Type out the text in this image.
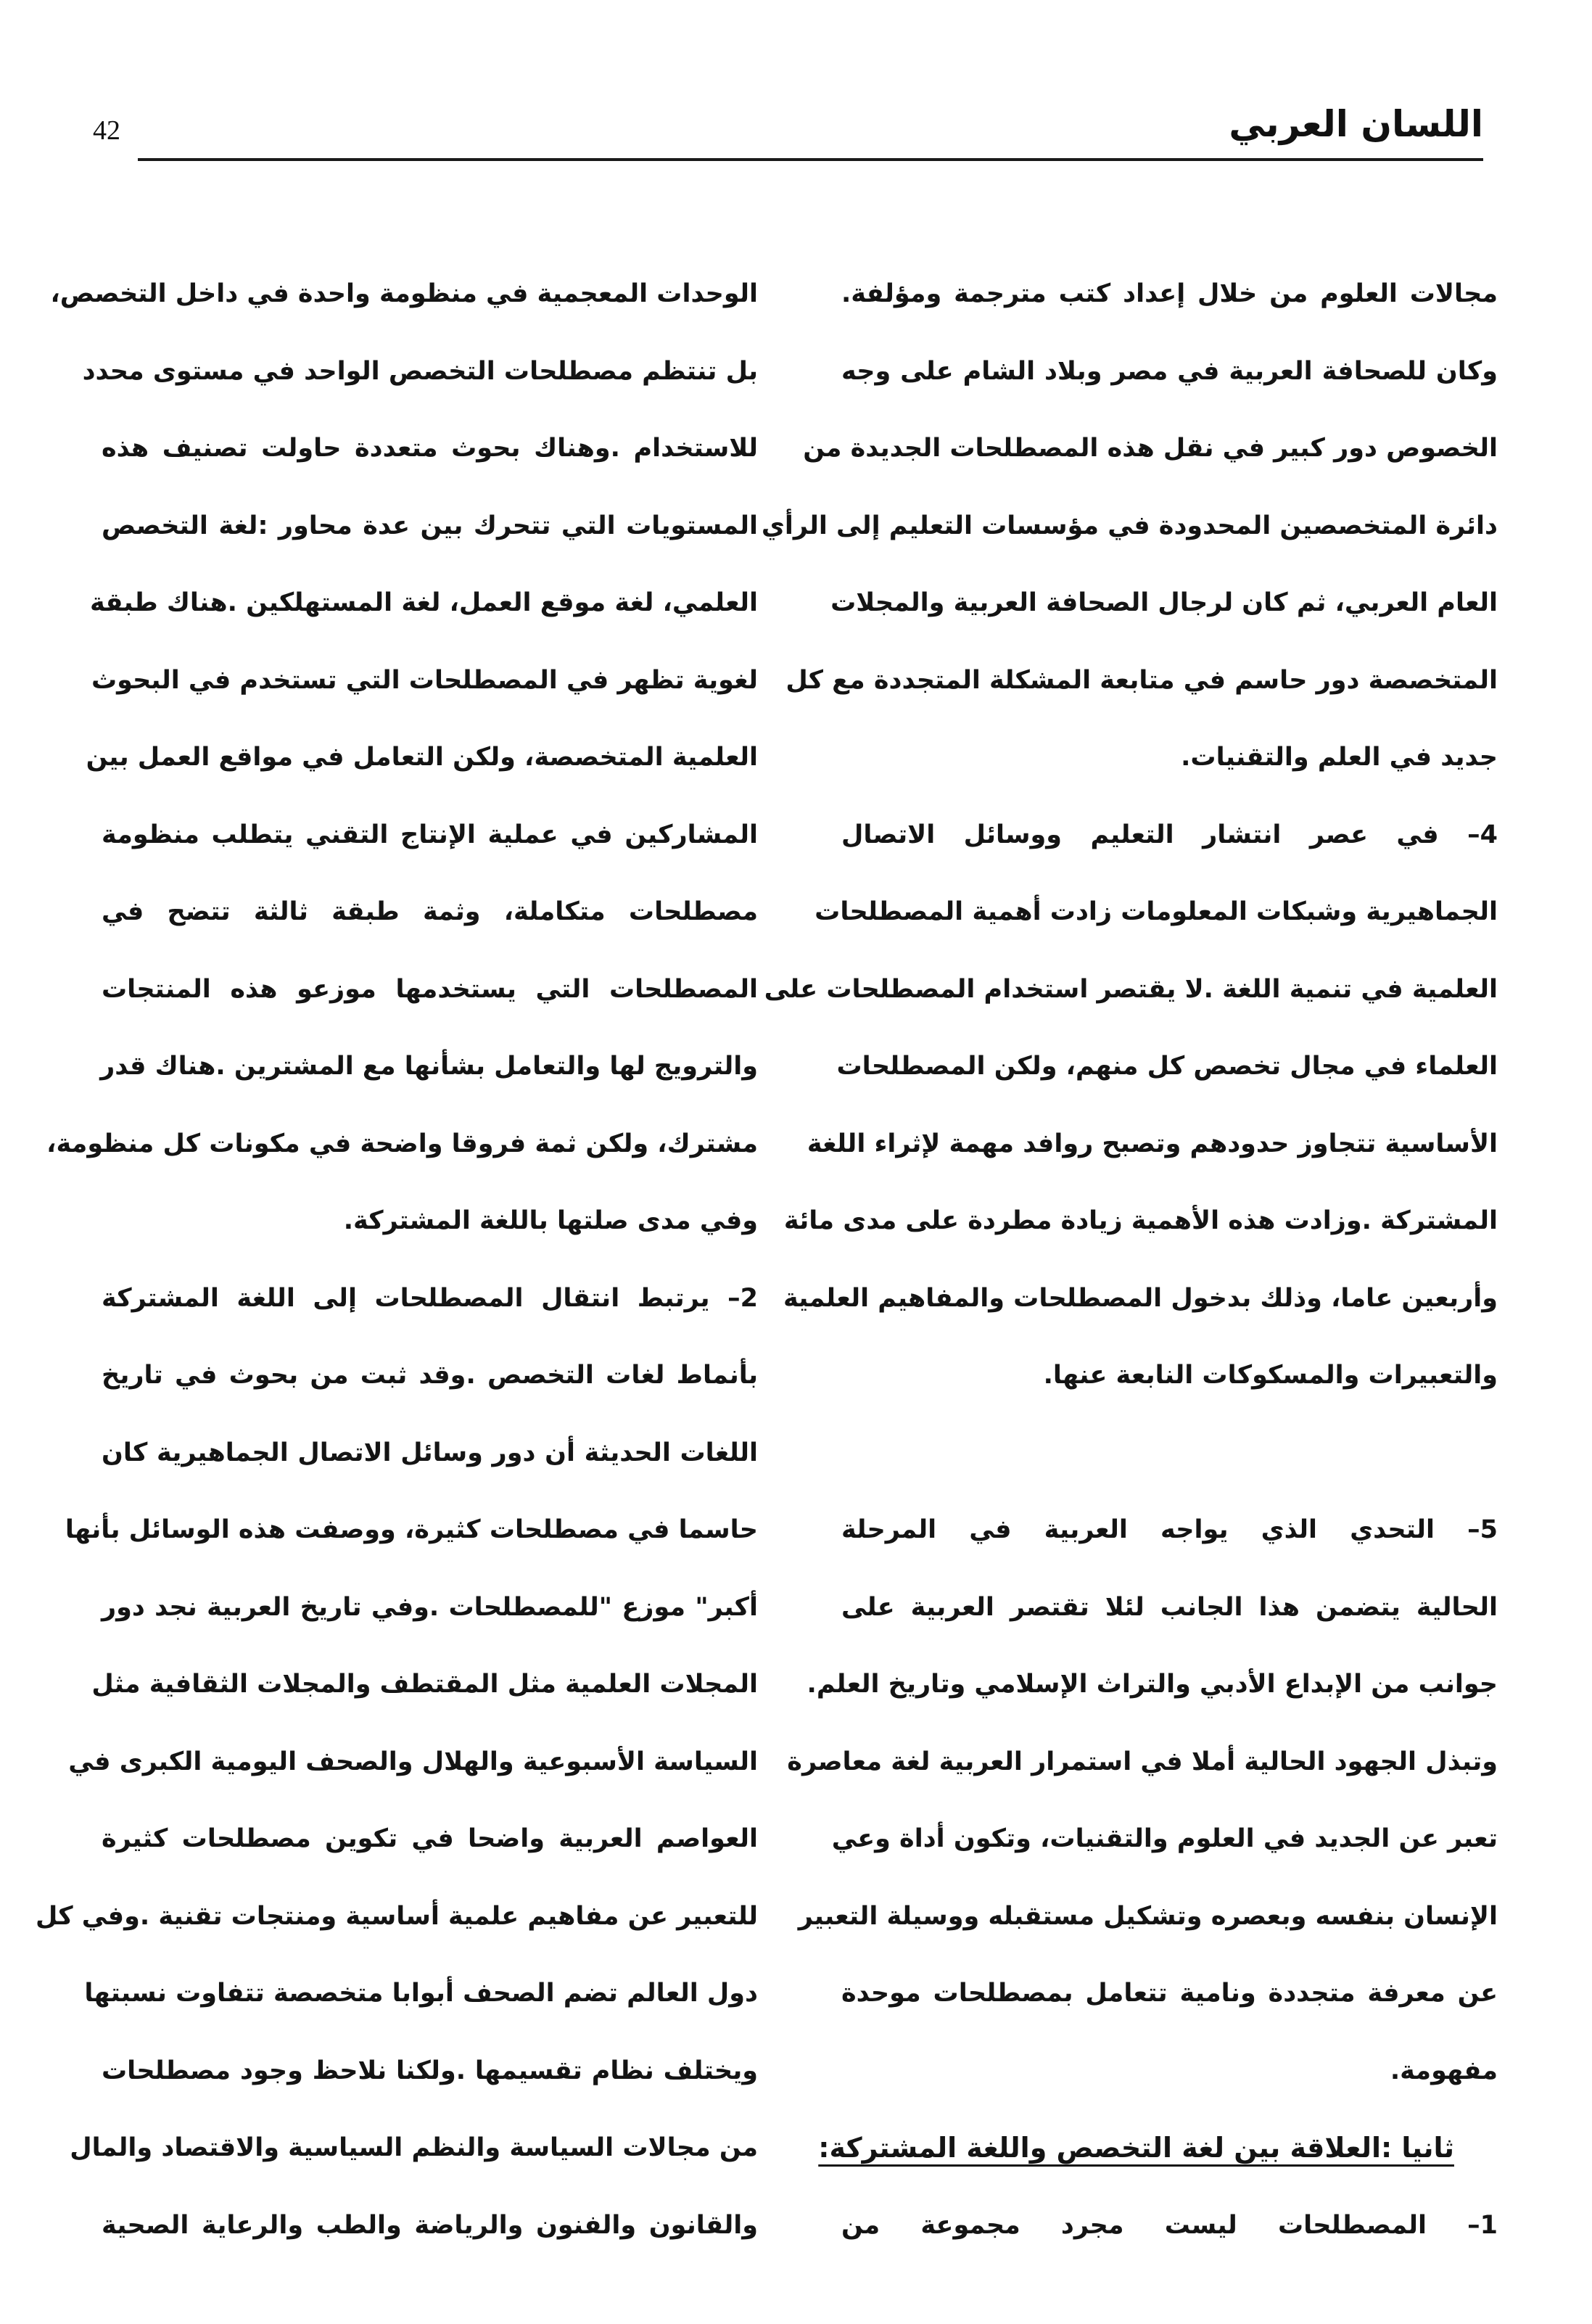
42	اللسان العربي
مجالات العلوم من خلال إعداد كتب مترجمة ومؤلفة.
وكان للصحافة العربية في مصر وبلاد الشام على وجه
الخصوص دور كبير في نقل هذه المصطلحات الجديدة من
دائرة المتخصصين المحدودة في مؤسسات التعليم إلى الرأي
العام العربي، ثم كان لرجال الصحافة العربية والمجلات
المتخصصة دور حاسم في متابعة المشكلة المتجددة مع كل
جديد في العلم والتقنيات.
4– في عصر انتشار التعليم ووسائل الاتصال
الجماهيرية وشبكات المعلومات زادت أهمية المصطلحات
العلمية في تنمية اللغة .لا يقتصر استخدام المصطلحات على
العلماء في مجال تخصص كل منهم، ولكن المصطلحات
الأساسية تتجاوز حدودهم وتصبح روافد مهمة لإثراء اللغة
المشتركة .وزادت هذه الأهمية زيادة مطردة على مدى مائة
وأربعين عاما، وذلك بدخول المصطلحات والمفاهيم العلمية
والتعبيرات والمسكوكات النابعة عنها.
5– التحدي الذي يواجه العربية في المرحلة
الحالية يتضمن هذا الجانب لئلا تقتصر العربية على
جوانب من الإبداع الأدبي والتراث الإسلامي وتاريخ العلم.
وتبذل الجهود الحالية أملا في استمرار العربية لغة معاصرة
تعبر عن الجديد في العلوم والتقنيات، وتكون أداة وعي
الإنسان بنفسه وبعصره وتشكيل مستقبله ووسيلة التعبير
عن معرفة متجددة ونامية تتعامل بمصطلحات موحدة
مفهومة.
ثانيا :العلاقة بين لغة التخصص واللغة المشتركة:
1– المصطلحات ليست مجرد مجموعة من
الوحدات المعجمية في منظومة واحدة في داخل التخصص،
بل تنتظم مصطلحات التخصص الواحد في مستوى محدد
للاستخدام .وهناك بحوث متعددة حاولت تصنيف هذه
المستويات التي تتحرك بين عدة محاور :لغة التخصص
العلمي، لغة موقع العمل، لغة المستهلكين .هناك طبقة
لغوية تظهر في المصطلحات التي تستخدم في البحوث
العلمية المتخصصة، ولكن التعامل في مواقع العمل بين
المشاركين في عملية الإنتاج التقني يتطلب منظومة
مصطلحات متكاملة، وثمة طبقة ثالثة تتضح في
المصطلحات التي يستخدمها موزعو هذه المنتجات
والترويج لها والتعامل بشأنها مع المشترين .هناك قدر
مشترك، ولكن ثمة فروقا واضحة في مكونات كل منظومة،
وفي مدى صلتها باللغة المشتركة.
2– يرتبط انتقال المصطلحات إلى اللغة المشتركة
بأنماط لغات التخصص .وقد ثبت من بحوث في تاريخ
اللغات الحديثة أن دور وسائل الاتصال الجماهيرية كان
حاسما في مصطلحات كثيرة، ووصفت هذه الوسائل بأنها
أكبر" موزع "للمصطلحات .وفي تاريخ العربية نجد دور
المجلات العلمية مثل المقتطف والمجلات الثقافية مثل
السياسة الأسبوعية والهلال والصحف اليومية الكبرى في
العواصم العربية واضحا في تكوين مصطلحات كثيرة
للتعبير عن مفاهيم علمية أساسية ومنتجات تقنية .وفي كل
دول العالم تضم الصحف أبوابا متخصصة تتفاوت نسبتها
ويختلف نظام تقسيمها .ولكنا نلاحظ وجود مصطلحات
من مجالات السياسة والنظم السياسية والاقتصاد والمال
والقانون والفنون والرياضة والطب والرعاية الصحية
